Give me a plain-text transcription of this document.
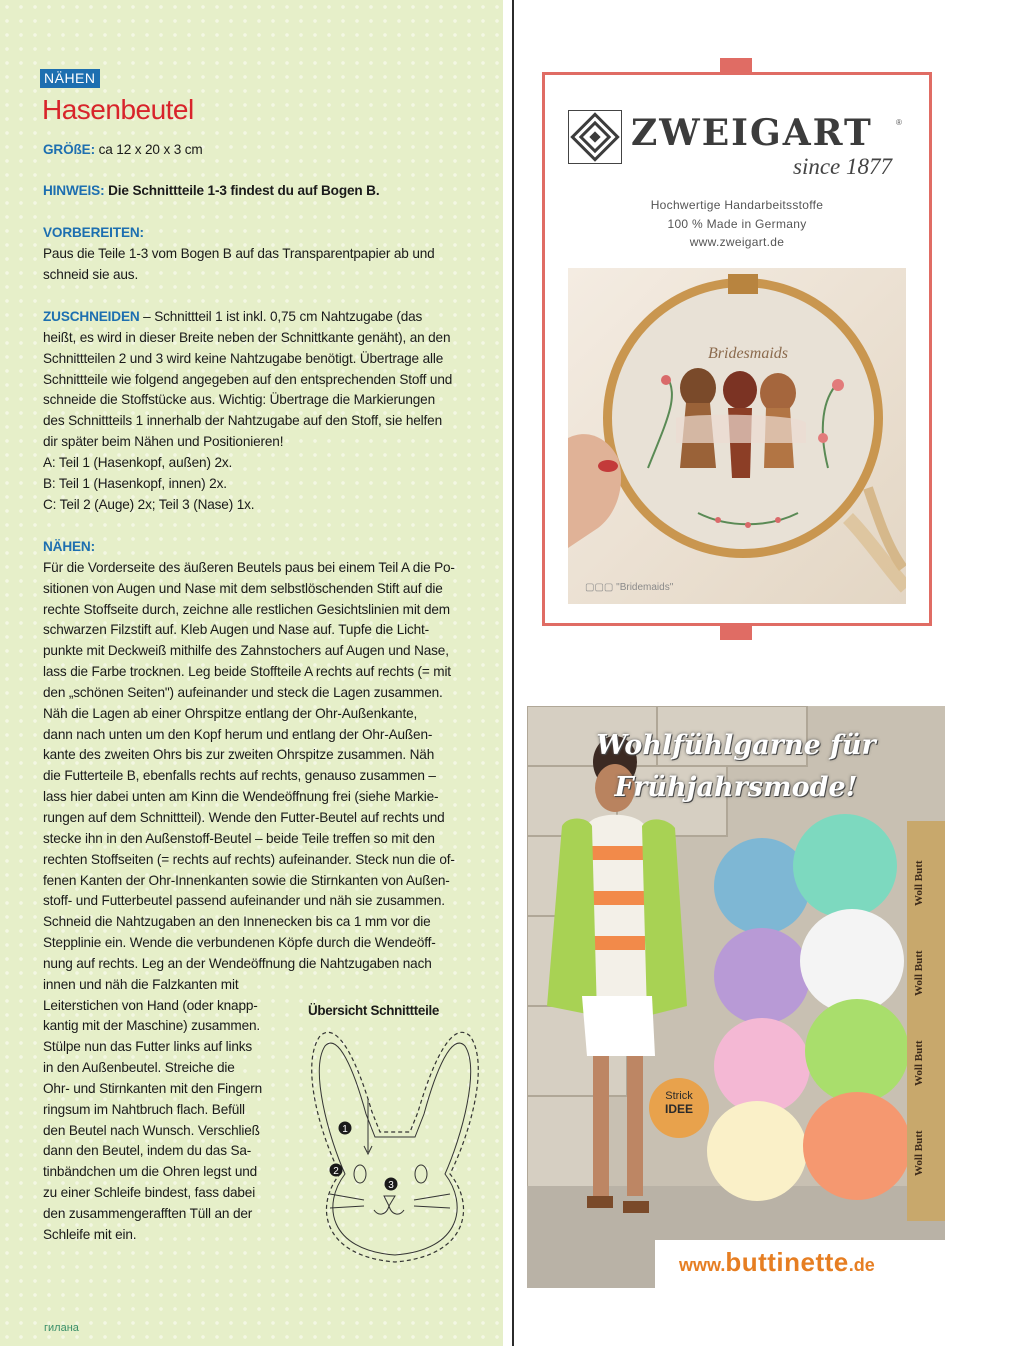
NÄHEN
Hasenbeutel
GRÖßE: ca 12 x 20 x 3 cm
HINWEIS: Die Schnittteile 1-3 findest du auf Bogen B.
VORBEREITEN:
Paus die Teile 1-3 vom Bogen B auf das Transparentpapier ab und
schneid sie aus.
ZUSCHNEIDEN – Schnittteil 1 ist inkl. 0,75 cm Nahtzugabe (das
heißt, es wird in dieser Breite neben der Schnittkante genäht), an den
Schnittteilen 2 und 3 wird keine Nahtzugabe benötigt. Übertrage alle
Schnittteile wie folgend angegeben auf den entsprechenden Stoff und
schneide die Stoffstücke aus. Wichtig: Übertrage die Markierungen
des Schnittteils 1 innerhalb der Nahtzugabe auf den Stoff, sie helfen
dir später beim Nähen und Positionieren!
A: Teil 1 (Hasenkopf, außen) 2x.
B: Teil 1 (Hasenkopf, innen) 2x.
C: Teil 2 (Auge) 2x; Teil 3 (Nase) 1x.
NÄHEN:
Für die Vorderseite des äußeren Beutels paus bei einem Teil A die Po-
sitionen von Augen und Nase mit dem selbstlöschenden Stift auf die
rechte Stoffseite durch, zeichne alle restlichen Gesichtslinien mit dem
schwarzen Filzstift auf. Kleb Augen und Nase auf. Tupfe die Licht-
punkte mit Deckweiß mithilfe des Zahnstochers auf Augen und Nase,
lass die Farbe trocknen. Leg beide Stoffteile A rechts auf rechts (= mit
den „schönen Seiten") aufeinander und steck die Lagen zusammen.
Näh die Lagen ab einer Ohrspitze entlang der Ohr-Außenkante,
dann nach unten um den Kopf herum und entlang der Ohr-Außen-
kante des zweiten Ohrs bis zur zweiten Ohrspitze zusammen. Näh
die Futterteile B, ebenfalls rechts auf rechts, genauso zusammen –
lass hier dabei unten am Kinn die Wendeöffnung frei (siehe Markie-
rungen auf dem Schnittteil). Wende den Futter-Beutel auf rechts und
stecke ihn in den Außenstoff-Beutel – beide Teile treffen so mit den
rechten Stoffseiten (= rechts auf rechts) aufeinander. Steck nun die of-
fenen Kanten der Ohr-Innenkanten sowie die Stirnkanten von Außen-
stoff- und Futterbeutel passend aufeinander und näh sie zusammen.
Schneid die Nahtzugaben an den Innenecken bis ca 1 mm vor die
Stepplinie ein. Wende die verbundenen Köpfe durch die Wendeöff-
nung auf rechts. Leg an der Wendeöffnung die Nahtzugaben nach
innen und näh die Falzkanten mit
Leiterstichen von Hand (oder knapp-
kantig mit der Maschine) zusammen.
Stülpe nun das Futter links auf links
in den Außenbeutel. Streiche die
Ohr- und Stirnkanten mit den Fingern
ringsum im Nahtbruch flach. Befüll
den Beutel nach Wunsch. Verschließ
dann den Beutel, indem du das Sa-
tinbändchen um die Ohren legst und
zu einer Schleife bindest, fass dabei
den zusammengerafften Tüll an der
Schleife mit ein.
Übersicht Schnittteile
1
2
3
гилана
ZWEIGART	®
since 1877
Hochwertige Handarbeitsstoffe
100 % Made in Germany
www.zweigart.de
Bridesmaids
▢▢▢ "Bridemaids"
Woll Butt
Woll Butt
Woll Butt
Woll Butt
Wohlfühlgarne für
Frühjahrsmode!
Strick
IDEE
www.buttinette.de
